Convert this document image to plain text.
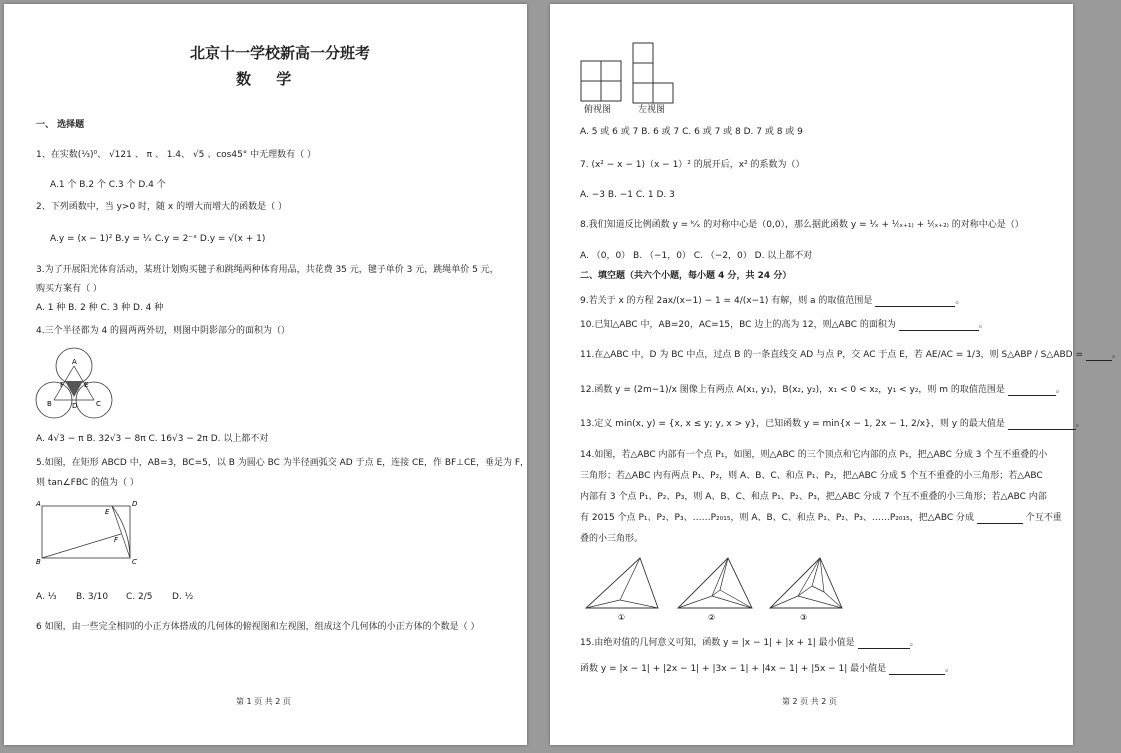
北京十一学校新高一分班考
数 学
一、 选择题
1、在实数(⅓)⁰、 √121 、 π 、 1.4、 √5 、cos45° 中无理数有（ ）
A.1 个 B.2 个 C.3 个 D.4 个
2、下列函数中，当 y>0 时，随 x 的增大而增大的函数是（ ）
A.y = (x − 1)² B.y = ¹⁄ₓ C.y = 2⁻ˣ D.y = √(x + 1)
3.为了开展阳光体育活动，某班计划购买毽子和跳绳两种体育用品，共花费 35 元，毽子单价 3 元，跳绳单价 5 元，
购买方案有（ ）
A. 1 种 B. 2 种 C. 3 种 D. 4 种
4.三个半径都为 4 的圆两两外切，则图中阴影部分的面积为（）
A
F	E
B	D	C
A. 4√3 − π B. 32√3 − 8π C. 16√3 − 2π D. 以上都不对
5.如图，在矩形 ABCD 中，AB=3，BC=5，以 B 为圆心 BC 为半径画弧交 AD 于点 E，连接 CE，作 BF⊥CE，垂足为 F，
则 tan∠FBC 的值为（ ）
A	D
E
F
B	C
A. ⅓ B. 3/10 C. 2/5 D. ½
6 如图，由一些完全相同的小正方体搭成的几何体的俯视图和左视图，组成这个几何体的小正方体的个数是（ ）
第 1 页 共 2 页
俯视图	左视图
A. 5 或 6 或 7 B. 6 或 7 C. 6 或 7 或 8 D. 7 或 8 或 9
7. (x² − x − 1)（x − 1）² 的展开后，x² 的系数为（）
A. −3 B. −1 C. 1 D. 3
8.我们知道反比例函数 y = ᵏ⁄ₓ 的对称中心是（0,0），那么据此函数 y = ¹⁄ₓ + ¹⁄₍ₓ₊₁₎ + ¹⁄₍ₓ₊₂₎ 的对称中心是（）
A. （0，0） B. （−1，0） C. （−2，0） D. 以上都不对
二、填空题（共六个小题，每小题 4 分，共 24 分）
9.若关于 x 的方程 2ax/(x−1) − 1 = 4/(x−1) 有解，则 a 的取值范围是	。
10.已知△ABC 中，AB=20，AC=15，BC 边上的高为 12，则△ABC 的面积为	。
11.在△ABC 中，D 为 BC 中点，过点 B 的一条直线交 AD 与点 P，交 AC 于点 E，若 AE/AC = 1/3，则 S△ABP / S△ABD =	。
12.函数 y = (2m−1)/x 图像上有两点 A(x₁, y₁)，B(x₂, y₂)，x₁ < 0 < x₂，y₁ < y₂，则 m 的取值范围是	。
13.定义 min(x, y) = {x, x ≤ y; y, x > y}，已知函数 y = min{x − 1, 2x − 1, 2/x}，则 y 的最大值是	。
14.如图，若△ABC 内部有一个点 P₁，如图，则△ABC 的三个顶点和它内部的点 P₁，把△ABC 分成 3 个互不重叠的小
三角形；若△ABC 内有两点 P₁、P₂，则 A、B、C、和点 P₁、P₂，把△ABC 分成 5 个互不重叠的小三角形；若△ABC
内部有 3 个点 P₁、P₂、P₃，则 A、B、C、和点 P₁、P₂、P₃，把△ABC 分成 7 个互不重叠的小三角形；若△ABC 内部
有 2015 个点 P₁、P₂、P₃、……P₂₀₁₅，则 A、B、C、和点 P₁、P₂、P₃、……P₂₀₁₅，把△ABC 分成	个互不重
叠的小三角形。
①	②	③
15.由绝对值的几何意义可知，函数 y = |x − 1| + |x + 1| 最小值是	。
函数 y = |x − 1| + |2x − 1| + |3x − 1| + |4x − 1| + |5x − 1| 最小值是	。
第 2 页 共 2 页
